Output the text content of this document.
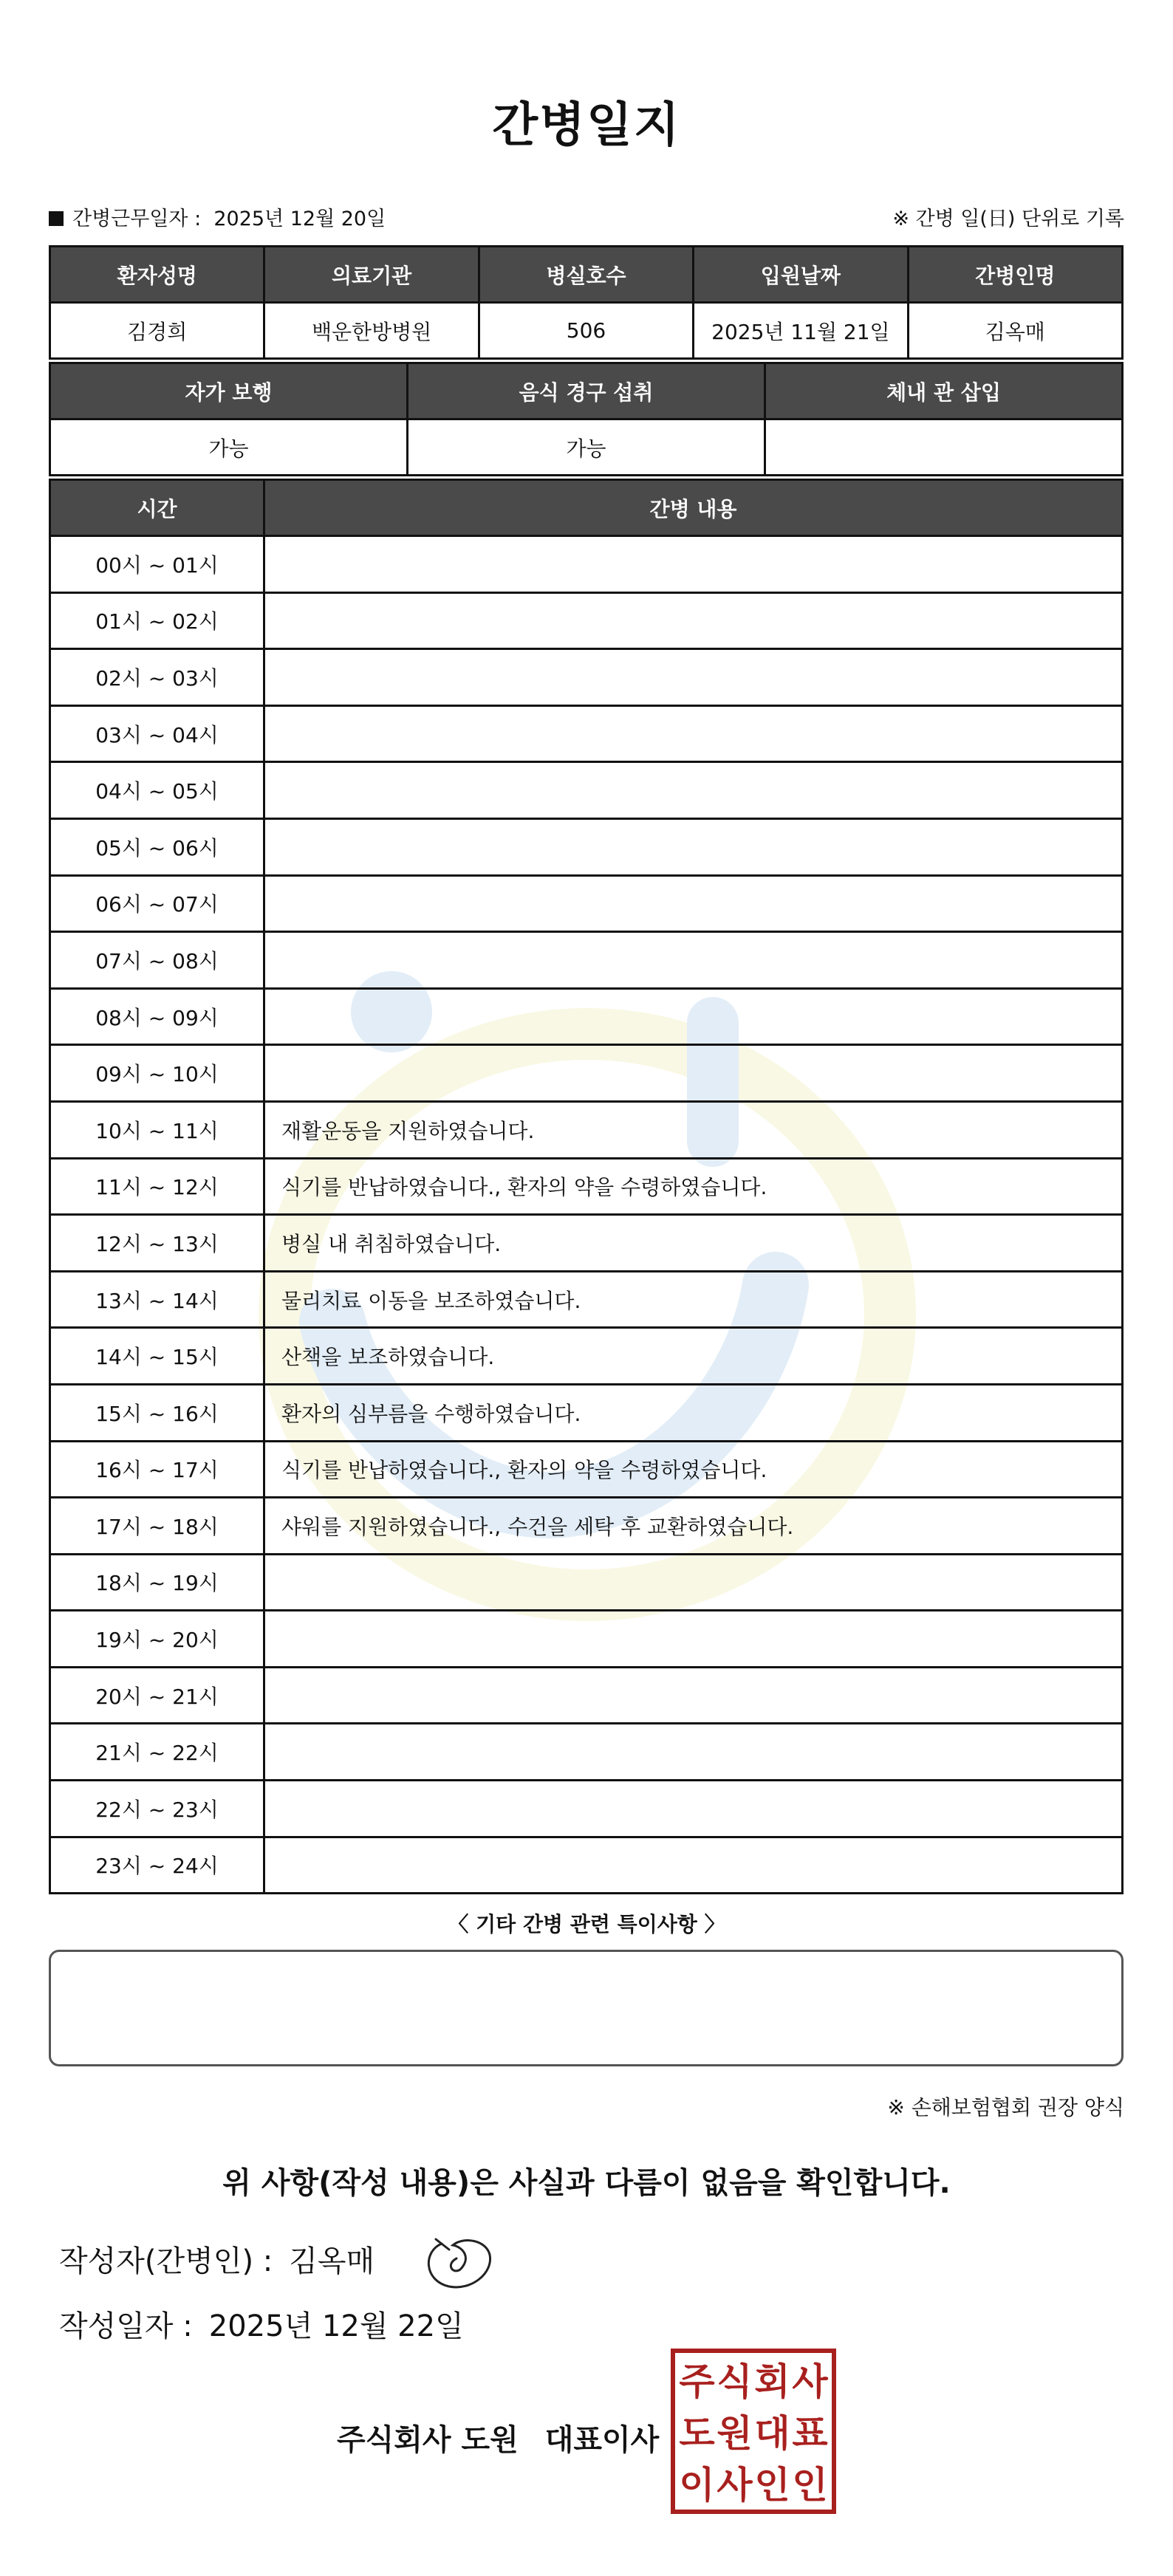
간병일지
간병근무일자 : 2025년 12월 20일	※ 간병 일(日) 단위로 기록
환자성명	의료기관	병실호수	입원날짜	간병인명
김경희	백운한방병원	506	2025년 11월 21일	김옥매
자가 보행	음식 경구 섭취	체내 관 삽입
가능	가능	
시간	간병 내용
00시 ~ 01시	
01시 ~ 02시	
02시 ~ 03시	
03시 ~ 04시	
04시 ~ 05시	
05시 ~ 06시	
06시 ~ 07시	
07시 ~ 08시	
08시 ~ 09시	
09시 ~ 10시	
10시 ~ 11시	재활운동을 지원하였습니다.
11시 ~ 12시	식기를 반납하였습니다., 환자의 약을 수령하였습니다.
12시 ~ 13시	병실 내 취침하였습니다.
13시 ~ 14시	물리치료 이동을 보조하였습니다.
14시 ~ 15시	산책을 보조하였습니다.
15시 ~ 16시	환자의 심부름을 수행하였습니다.
16시 ~ 17시	식기를 반납하였습니다., 환자의 약을 수령하였습니다.
17시 ~ 18시	샤워를 지원하였습니다., 수건을 세탁 후 교환하였습니다.
18시 ~ 19시	
19시 ~ 20시	
20시 ~ 21시	
21시 ~ 22시	
22시 ~ 23시	
23시 ~ 24시	
〈 기타 간병 관련 특이사항 〉
※ 손해보험협회 권장 양식
위 사항(작성 내용)은 사실과 다름이 없음을 확인합니다.
작성자(간병인) : 김옥매
작성일자 : 2025년 12월 22일
주식회사 도원 대표이사
주 식 회 사
도 원 대 표
이 사 인 인
